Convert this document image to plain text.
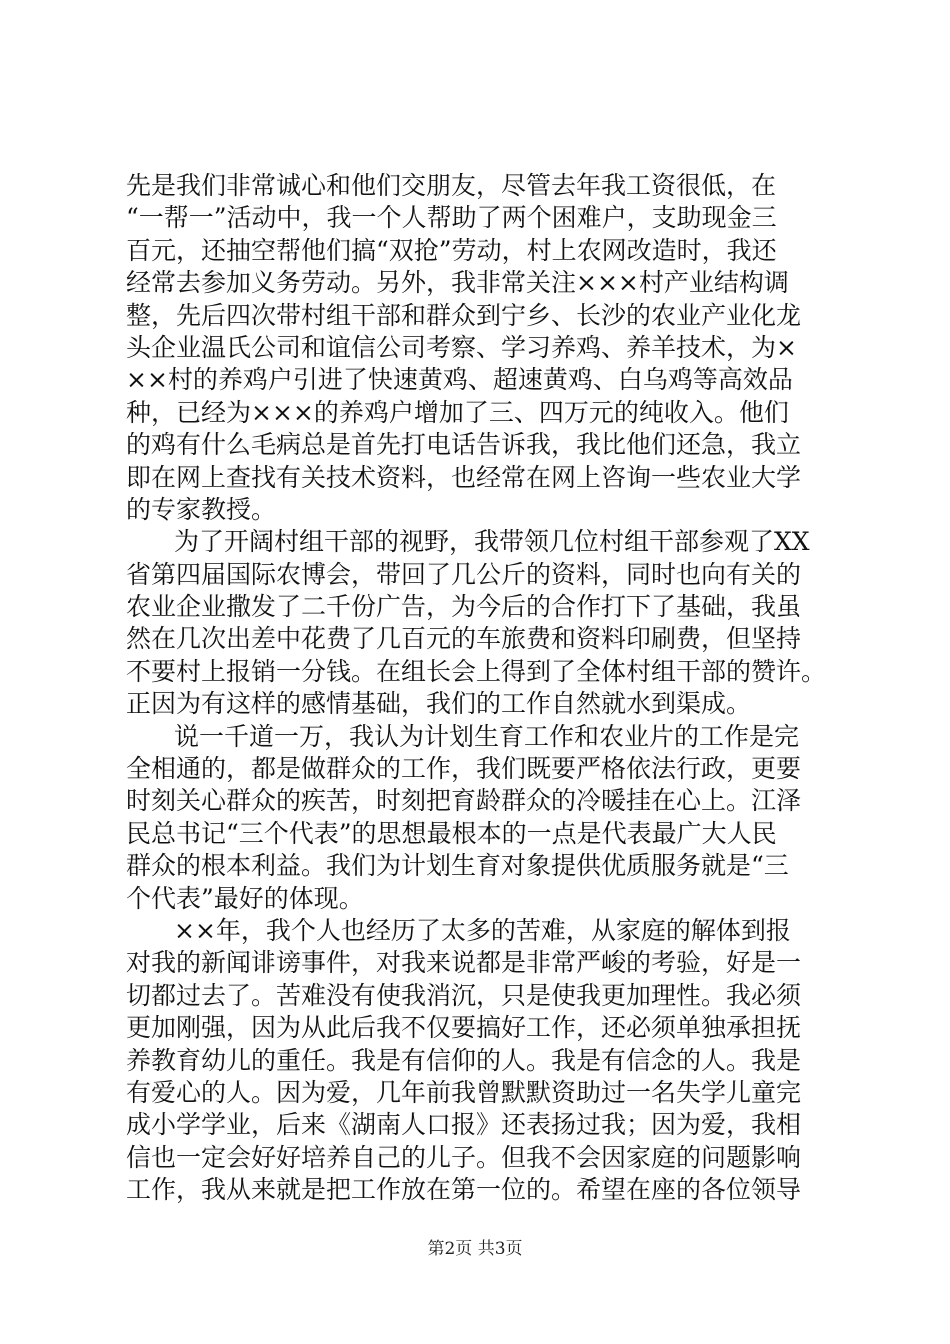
先是我们非常诚心和他们交朋友，尽管去年我工资很低，在
“一帮一”活动中，我一个人帮助了两个困难户，支助现金三
百元，还抽空帮他们搞“双抢”劳动，村上农网改造时，我还
经常去参加义务劳动。另外，我非常关注×××村产业结构调
整，先后四次带村组干部和群众到宁乡、长沙的农业产业化龙
头企业温氏公司和谊信公司考察、学习养鸡、养羊技术，为×
××村的养鸡户引进了快速黄鸡、超速黄鸡、白乌鸡等高效品
种，已经为×××的养鸡户增加了三、四万元的纯收入。他们
的鸡有什么毛病总是首先打电话告诉我，我比他们还急，我立
即在网上查找有关技术资料，也经常在网上咨询一些农业大学
的专家教授。
为了开阔村组干部的视野，我带领几位村组干部参观了XX
省第四届国际农博会，带回了几公斤的资料，同时也向有关的
农业企业撒发了二千份广告，为今后的合作打下了基础，我虽
然在几次出差中花费了几百元的车旅费和资料印刷费，但坚持
不要村上报销一分钱。在组长会上得到了全体村组干部的赞许。
正因为有这样的感情基础，我们的工作自然就水到渠成。
说一千道一万，我认为计划生育工作和农业片的工作是完
全相通的，都是做群众的工作，我们既要严格依法行政，更要
时刻关心群众的疾苦，时刻把育龄群众的冷暖挂在心上。江泽
民总书记“三个代表”的思想最根本的一点是代表最广大人民
群众的根本利益。我们为计划生育对象提供优质服务就是“三
个代表”最好的体现。
××年，我个人也经历了太多的苦难，从家庭的解体到报
对我的新闻诽谤事件，对我来说都是非常严峻的考验，好是一
切都过去了。苦难没有使我消沉，只是使我更加理性。我必须
更加刚强，因为从此后我不仅要搞好工作，还必须单独承担抚
养教育幼儿的重任。我是有信仰的人。我是有信念的人。我是
有爱心的人。因为爱，几年前我曾默默资助过一名失学儿童完
成小学学业，后来《湖南人口报》还表扬过我；因为爱，我相
信也一定会好好培养自己的儿子。但我不会因家庭的问题影响
工作，我从来就是把工作放在第一位的。希望在座的各位领导
第2页 共3页
